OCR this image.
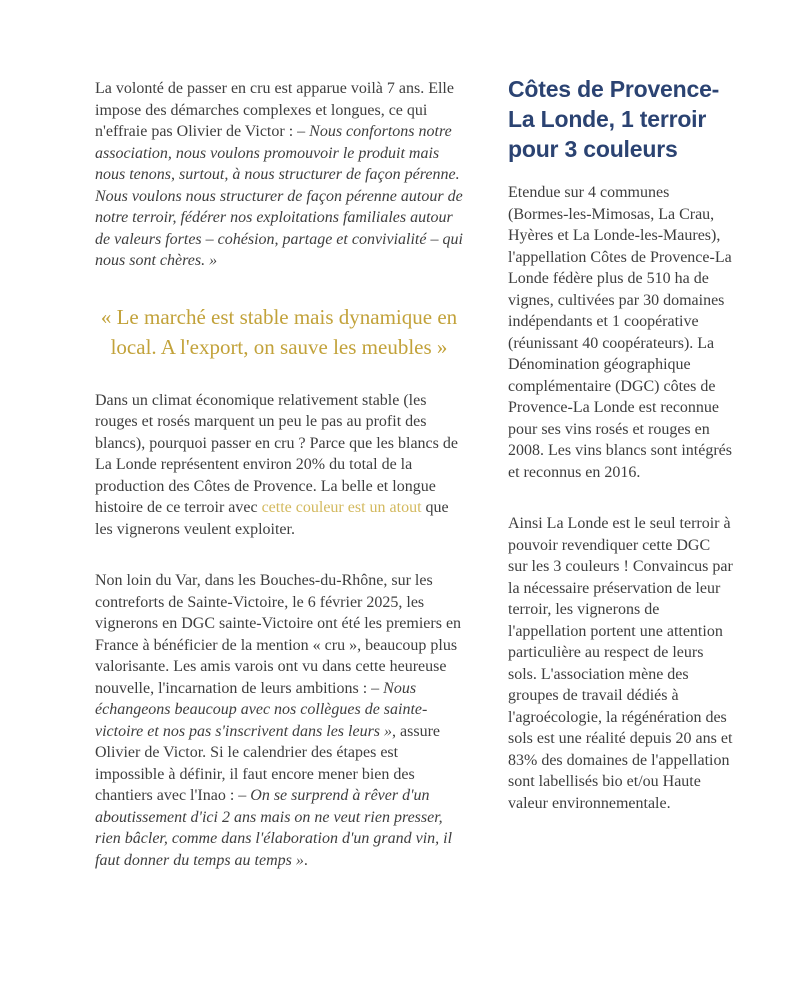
La volonté de passer en cru est apparue voilà 7 ans. Elle impose des démarches complexes et longues, ce qui n'effraie pas Olivier de Victor : – Nous confortons notre association, nous voulons promouvoir le produit mais nous tenons, surtout, à nous structurer de façon pérenne. Nous voulons nous structurer de façon pérenne autour de notre terroir, fédérer nos exploitations familiales autour de valeurs fortes – cohésion, partage et convivialité – qui nous sont chères. »

« Le marché est stable mais dynamique en local. A l'export, on sauve les meubles »

Dans un climat économique relativement stable (les rouges et rosés marquent un peu le pas au profit des blancs), pourquoi passer en cru ? Parce que les blancs de La Londe représentent environ 20% du total de la production des Côtes de Provence. La belle et longue histoire de ce terroir avec cette couleur est un atout que les vignerons veulent exploiter.

Non loin du Var, dans les Bouches-du-Rhône, sur les contreforts de Sainte-Victoire, le 6 février 2025, les vignerons en DGC sainte-Victoire ont été les premiers en France à bénéficier de la mention « cru », beaucoup plus valorisante. Les amis varois ont vu dans cette heureuse nouvelle, l'incarnation de leurs ambitions : – Nous échangeons beaucoup avec nos collègues de sainte-victoire et nos pas s'inscrivent dans les leurs », assure Olivier de Victor. Si le calendrier des étapes est impossible à définir, il faut encore mener bien des chantiers avec l'Inao : – On se surprend à rêver d'un aboutissement d'ici 2 ans mais on ne veut rien presser, rien bâcler, comme dans l'élaboration d'un grand vin, il faut donner du temps au temps ».

Côtes de Provence-La Londe, 1 terroir pour 3 couleurs

Etendue sur 4 communes (Bormes-les-Mimosas, La Crau, Hyères et La Londe-les-Maures), l'appellation Côtes de Provence-La Londe fédère plus de 510 ha de vignes, cultivées par 30 domaines indépendants et 1 coopérative (réunissant 40 coopérateurs). La Dénomination géographique complémentaire (DGC) côtes de Provence-La Londe est reconnue pour ses vins rosés et rouges en 2008. Les vins blancs sont intégrés et reconnus en 2016.

Ainsi La Londe est le seul terroir à pouvoir revendiquer cette DGC sur les 3 couleurs ! Convaincus par la nécessaire préservation de leur terroir, les vignerons de l'appellation portent une attention particulière au respect de leurs sols. L'association mène des groupes de travail dédiés à l'agroécologie, la régénération des sols est une réalité depuis 20 ans et 83% des domaines de l'appellation sont labellisés bio et/ou Haute valeur environnementale.
